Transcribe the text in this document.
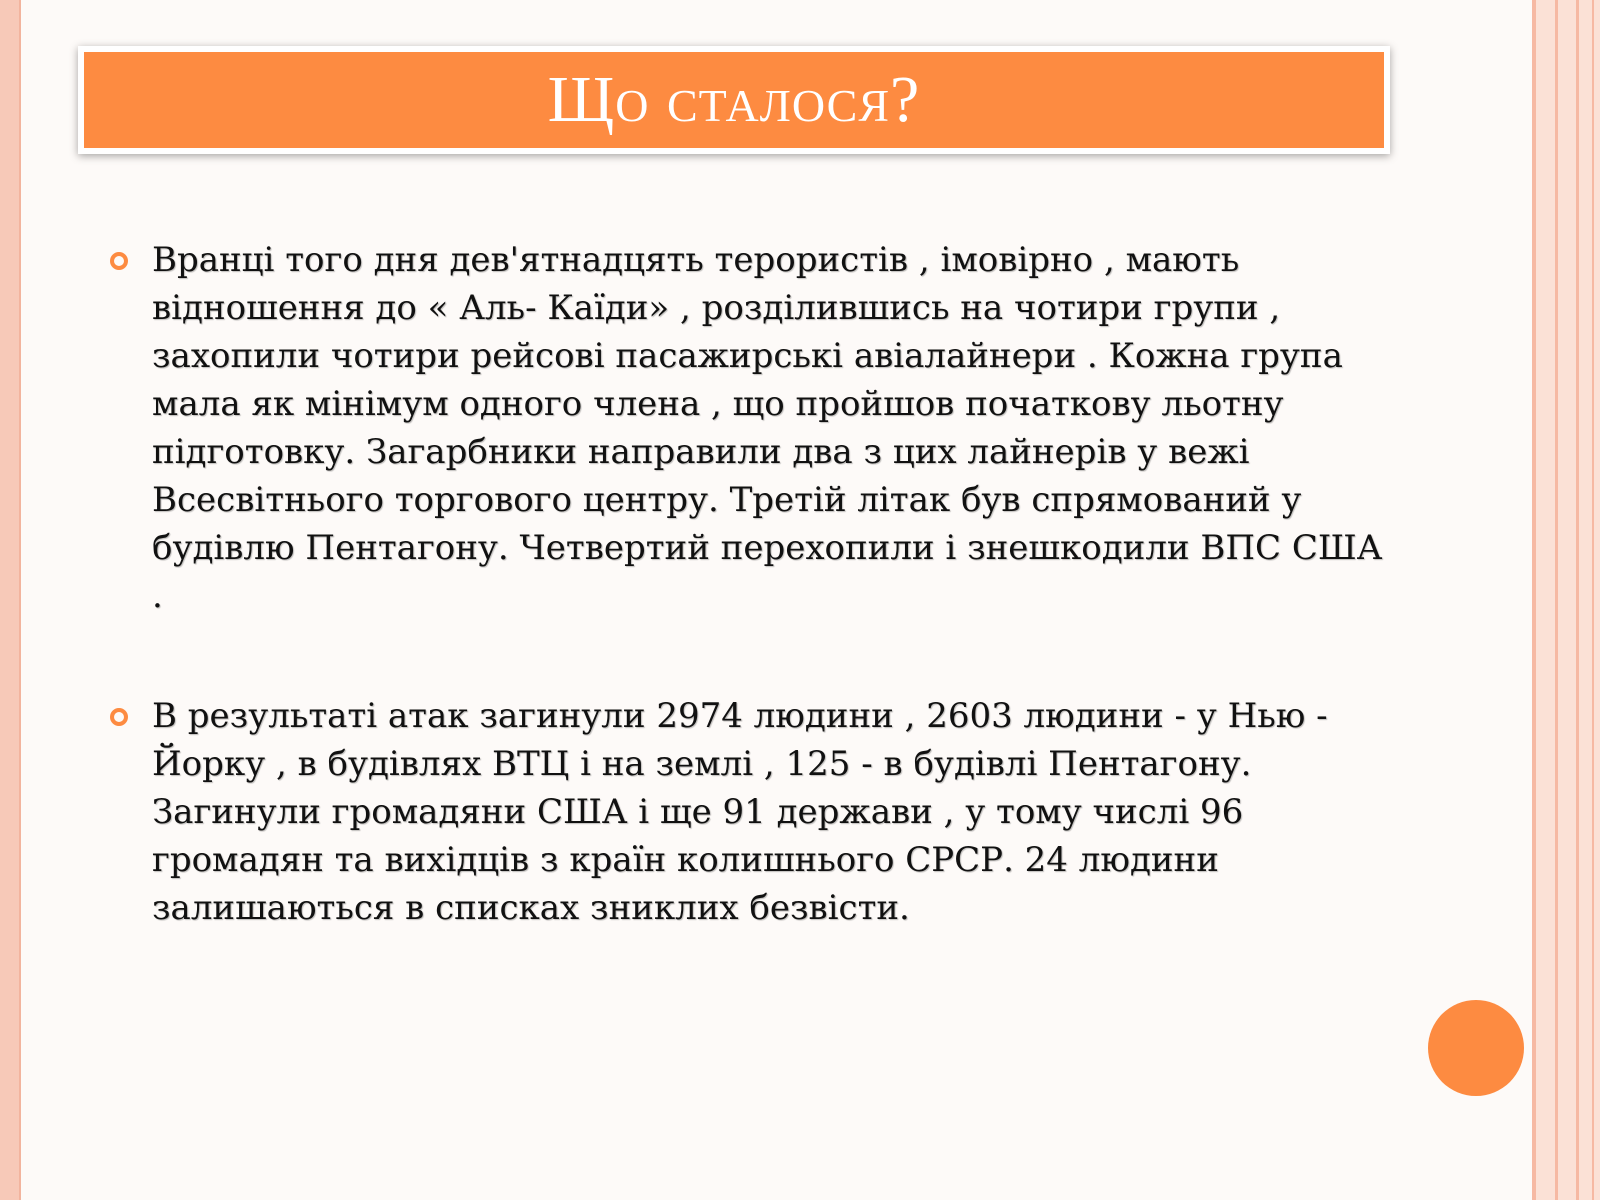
Що сталося?

Вранці того дня дев'ятнадцять терористів , імовірно , мають відношення до « Аль- Каїди» , розділившись на чотири групи , захопили чотири рейсові пасажирські авіалайнери . Кожна група мала як мінімум одного члена , що пройшов початкову льотну підготовку. Загарбники направили два з цих лайнерів у вежі Всесвітнього торгового центру. Третій літак був спрямований у будівлю Пентагону. Четвертий перехопили і знешкодили ВПС США .

В результаті атак загинули 2974 людини , 2603 людини - у Нью - Йорку , в будівлях ВТЦ і на землі , 125 - в будівлі Пентагону. Загинули громадяни США і ще 91 держави , у тому числі 96 громадян та вихідців з країн колишнього СРСР. 24 людини залишаються в списках зниклих безвісти.
